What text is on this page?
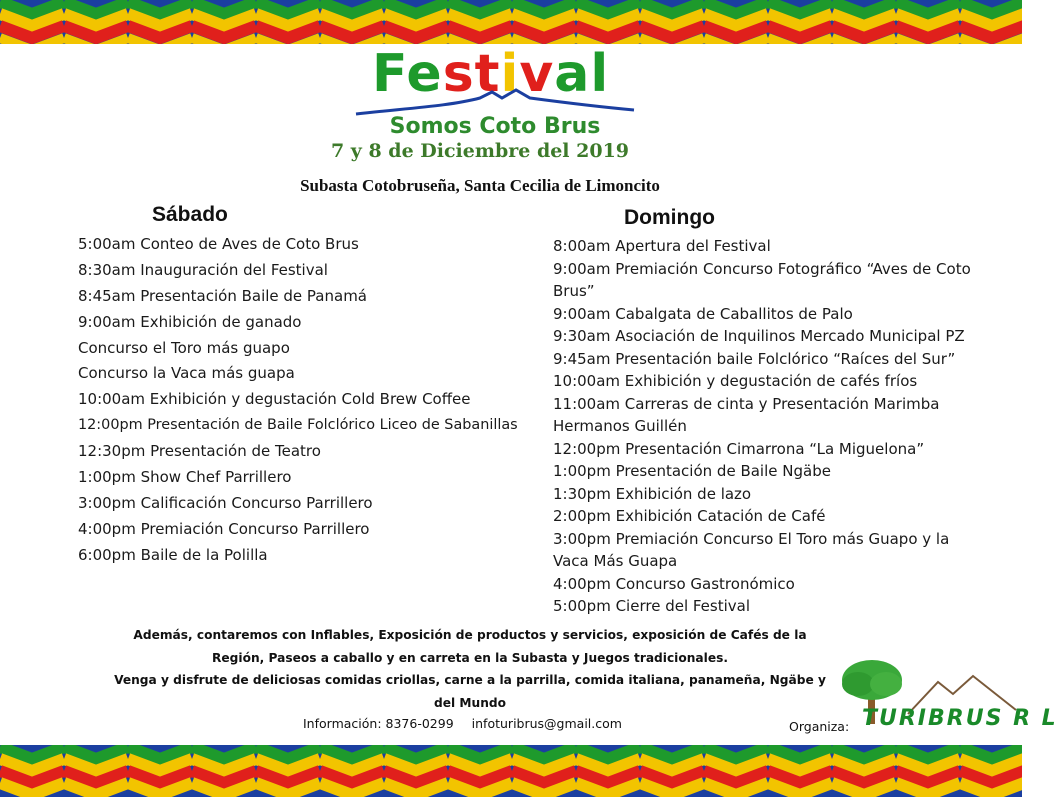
Festival
Somos Coto Brus
7 y 8 de Diciembre del 2019
Subasta Cotobruseña, Santa Cecilia de Limoncito
Sábado
5:00am Conteo de Aves de Coto Brus
8:30am Inauguración del Festival
8:45am Presentación Baile de Panamá
9:00am Exhibición de ganado
Concurso el Toro más guapo
Concurso la Vaca más guapa
10:00am Exhibición y degustación Cold Brew Coffee
12:00pm Presentación de Baile Folclórico Liceo de Sabanillas
12:30pm Presentación de Teatro
1:00pm Show Chef Parrillero
3:00pm Calificación Concurso Parrillero
4:00pm Premiación Concurso Parrillero
6:00pm Baile de la Polilla
Domingo
8:00am Apertura del Festival
9:00am Premiación Concurso Fotográfico “Aves de Coto Brus”
9:00am Cabalgata de Caballitos de Palo
9:30am Asociación de Inquilinos Mercado Municipal PZ
9:45am Presentación baile Folclórico “Raíces del Sur”
10:00am Exhibición y degustación de cafés fríos
11:00am Carreras de cinta y Presentación Marimba Hermanos Guillén
12:00pm Presentación Cimarrona “La Miguelona”
1:00pm Presentación de Baile Ngäbe
1:30pm Exhibición de lazo
2:00pm Exhibición Catación de Café
3:00pm Premiación Concurso El Toro más Guapo y la Vaca Más Guapa
4:00pm Concurso Gastronómico
5:00pm Cierre del Festival
Además, contaremos con Inflables, Exposición de productos y servicios, exposición de Cafés de la
Región, Paseos a caballo y en carreta en la Subasta y Juegos tradicionales.
Venga y disfrute de deliciosas comidas criollas, carne a la parrilla, comida italiana, panameña, Ngäbe y
del Mundo
Información: 8376-0299 infoturibrus@gmail.com	Organiza: TURIBRUS R L
